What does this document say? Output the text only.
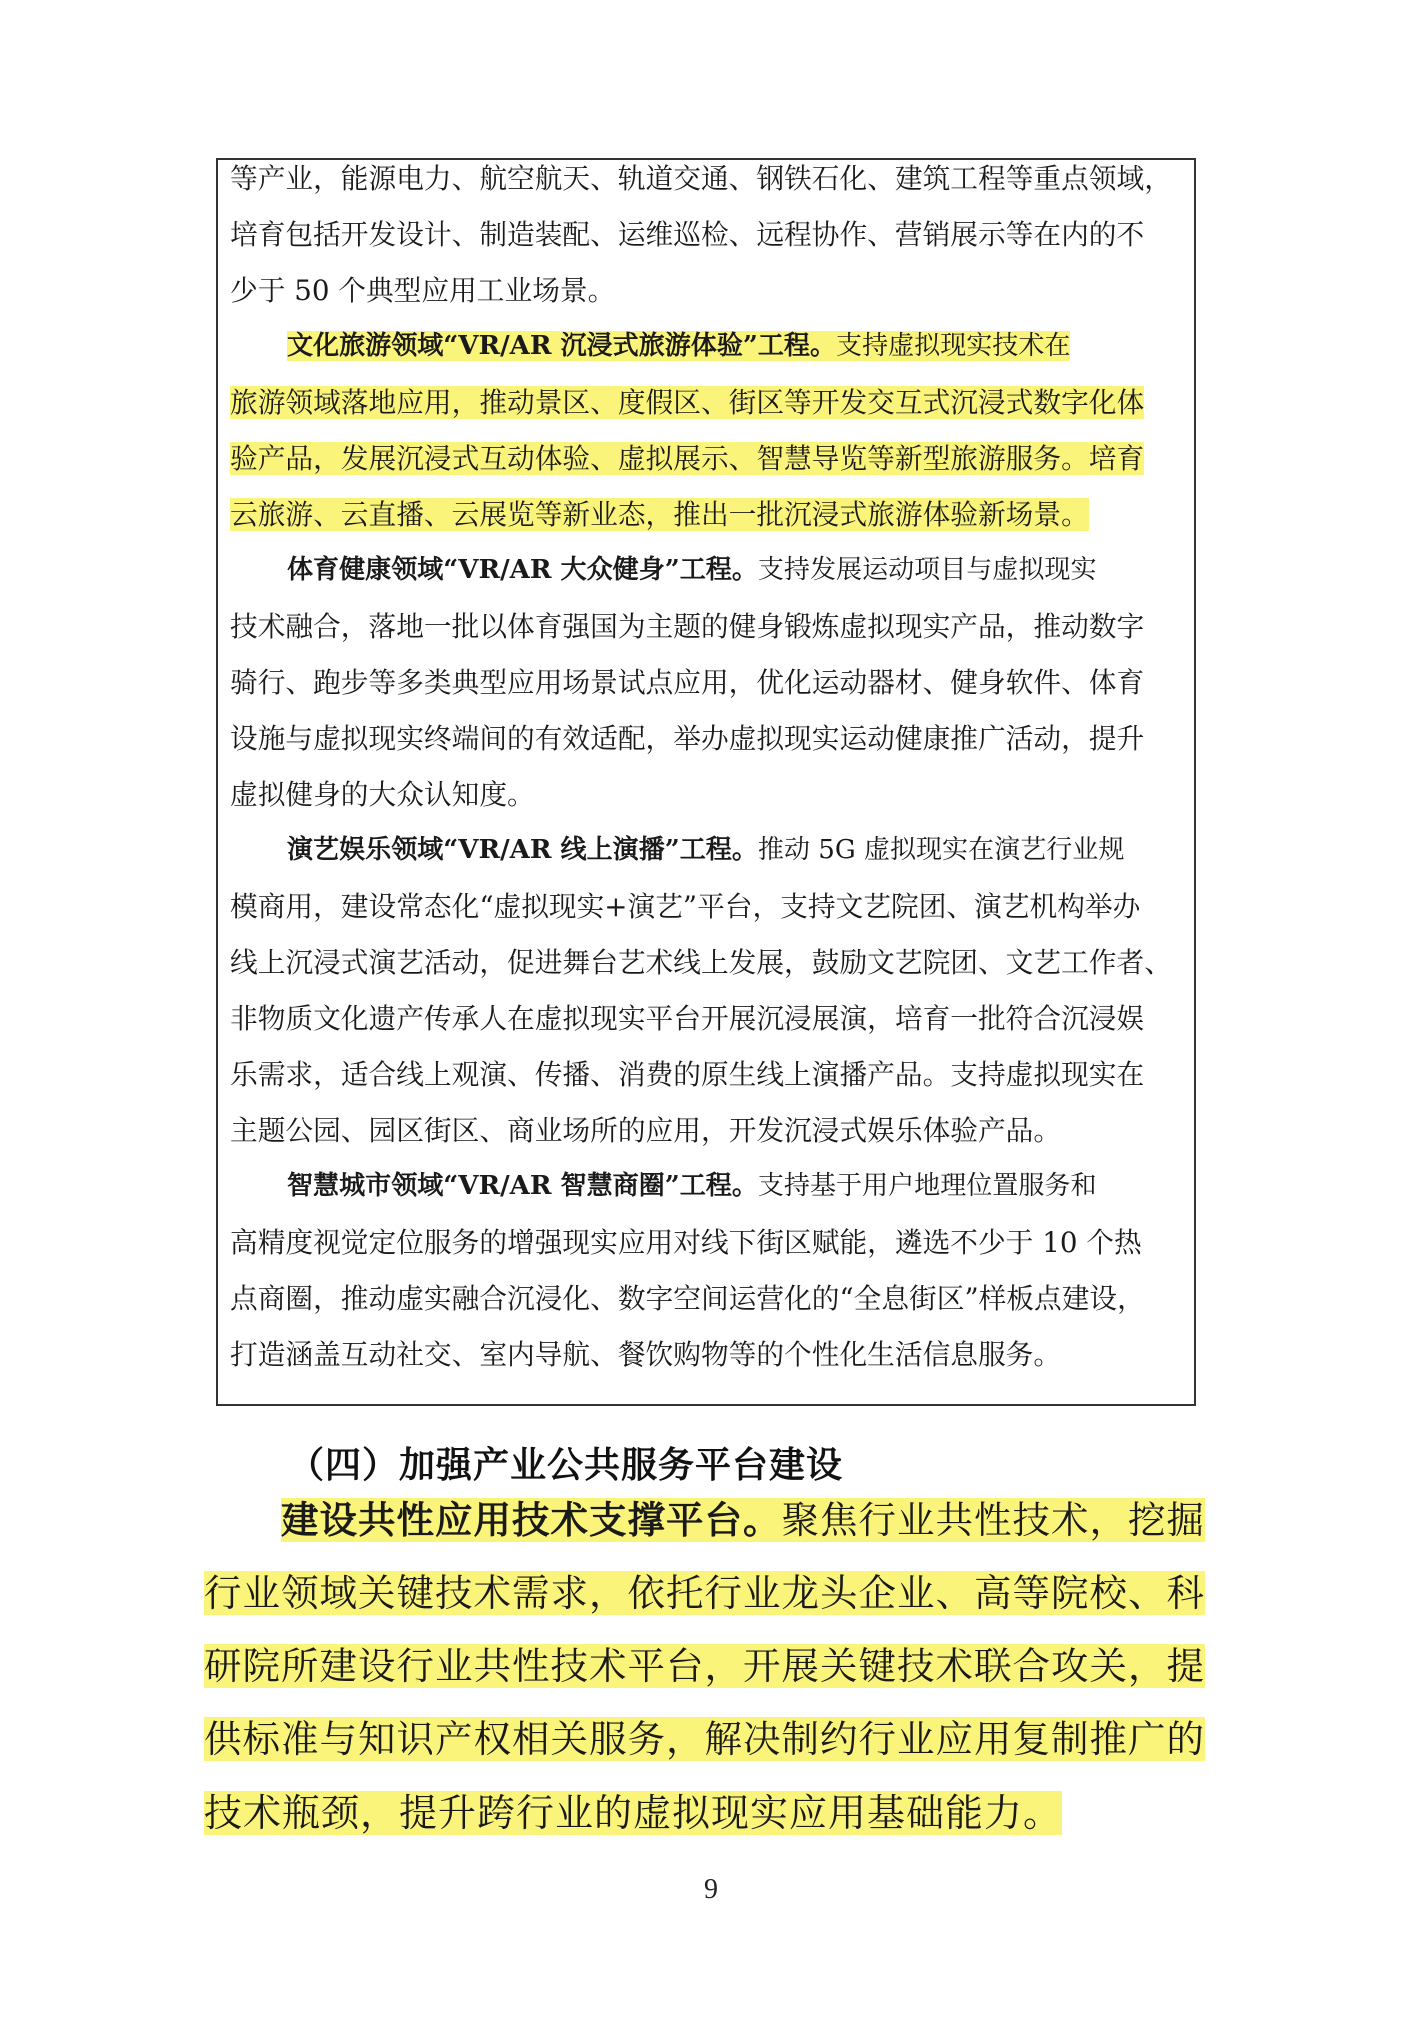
等产业，能源电力、航空航天、轨道交通、钢铁石化、建筑工程等重点领域，
培育包括开发设计、制造装配、运维巡检、远程协作、营销展示等在内的不
少于 50 个典型应用工业场景。
文化旅游领域“VR/AR 沉浸式旅游体验”工程。支持虚拟现实技术在
旅游领域落地应用，推动景区、度假区、街区等开发交互式沉浸式数字化体
验产品，发展沉浸式互动体验、虚拟展示、智慧导览等新型旅游服务。培育
云旅游、云直播、云展览等新业态，推出一批沉浸式旅游体验新场景。
体育健康领域“VR/AR 大众健身”工程。支持发展运动项目与虚拟现实
技术融合，落地一批以体育强国为主题的健身锻炼虚拟现实产品，推动数字
骑行、跑步等多类典型应用场景试点应用，优化运动器材、健身软件、体育
设施与虚拟现实终端间的有效适配，举办虚拟现实运动健康推广活动，提升
虚拟健身的大众认知度。
演艺娱乐领域“VR/AR 线上演播”工程。推动 5G 虚拟现实在演艺行业规
模商用，建设常态化“虚拟现实+演艺”平台，支持文艺院团、演艺机构举办
线上沉浸式演艺活动，促进舞台艺术线上发展，鼓励文艺院团、文艺工作者、
非物质文化遗产传承人在虚拟现实平台开展沉浸展演，培育一批符合沉浸娱
乐需求，适合线上观演、传播、消费的原生线上演播产品。支持虚拟现实在
主题公园、园区街区、商业场所的应用，开发沉浸式娱乐体验产品。
智慧城市领域“VR/AR 智慧商圈”工程。支持基于用户地理位置服务和
高精度视觉定位服务的增强现实应用对线下街区赋能，遴选不少于 10 个热
点商圈，推动虚实融合沉浸化、数字空间运营化的“全息街区”样板点建设，
打造涵盖互动社交、室内导航、餐饮购物等的个性化生活信息服务。
（四）加强产业公共服务平台建设
建设共性应用技术支撑平台。聚焦行业共性技术，挖掘
行业领域关键技术需求，依托行业龙头企业、高等院校、科
研院所建设行业共性技术平台，开展关键技术联合攻关，提
供标准与知识产权相关服务，解决制约行业应用复制推广的
技术瓶颈，提升跨行业的虚拟现实应用基础能力。
9
